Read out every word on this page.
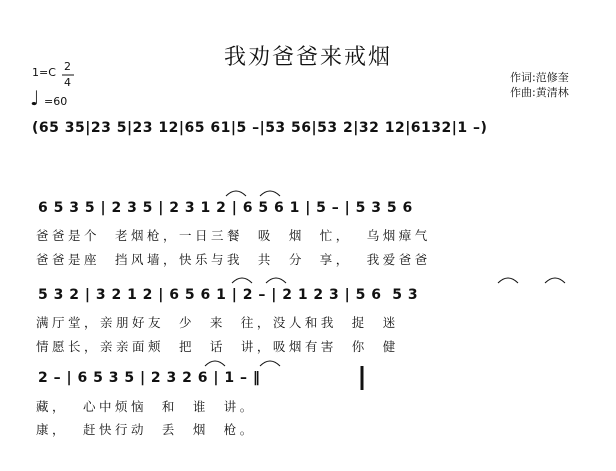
我劝爸爸来戒烟
1=C 2
4
♩ =60
作词:范修奎
作曲:黄清林
(65 35|23 5|23 12|65 61|5 –|53 56|53 2|32 12|6132|1 –)
6 5 3 5 | 2 3 5 | 2 3 1 2 | 6 5 6 1 | 5 – | 5 3 5 6
爸爸是个  老烟枪，一日三餐  吸  烟  忙，  乌烟瘴气
爸爸是座  挡风墙，快乐与我  共  分  享，  我爱爸爸
5 3 2 | 3 2 1 2 | 6 5 6 1 | 2 – | 2 1 2 3 | 5 6  5 3
满厅堂，亲朋好友  少  来  往，没人和我  捉  迷
情愿长，亲亲面颊  把  话  讲，吸烟有害  你  健
2 – | 6 5 3 5 | 2 3 2 6 | 1 – ‖
藏，  心中烦恼  和  谁  讲。
康，  赶快行动  丢  烟  枪。
